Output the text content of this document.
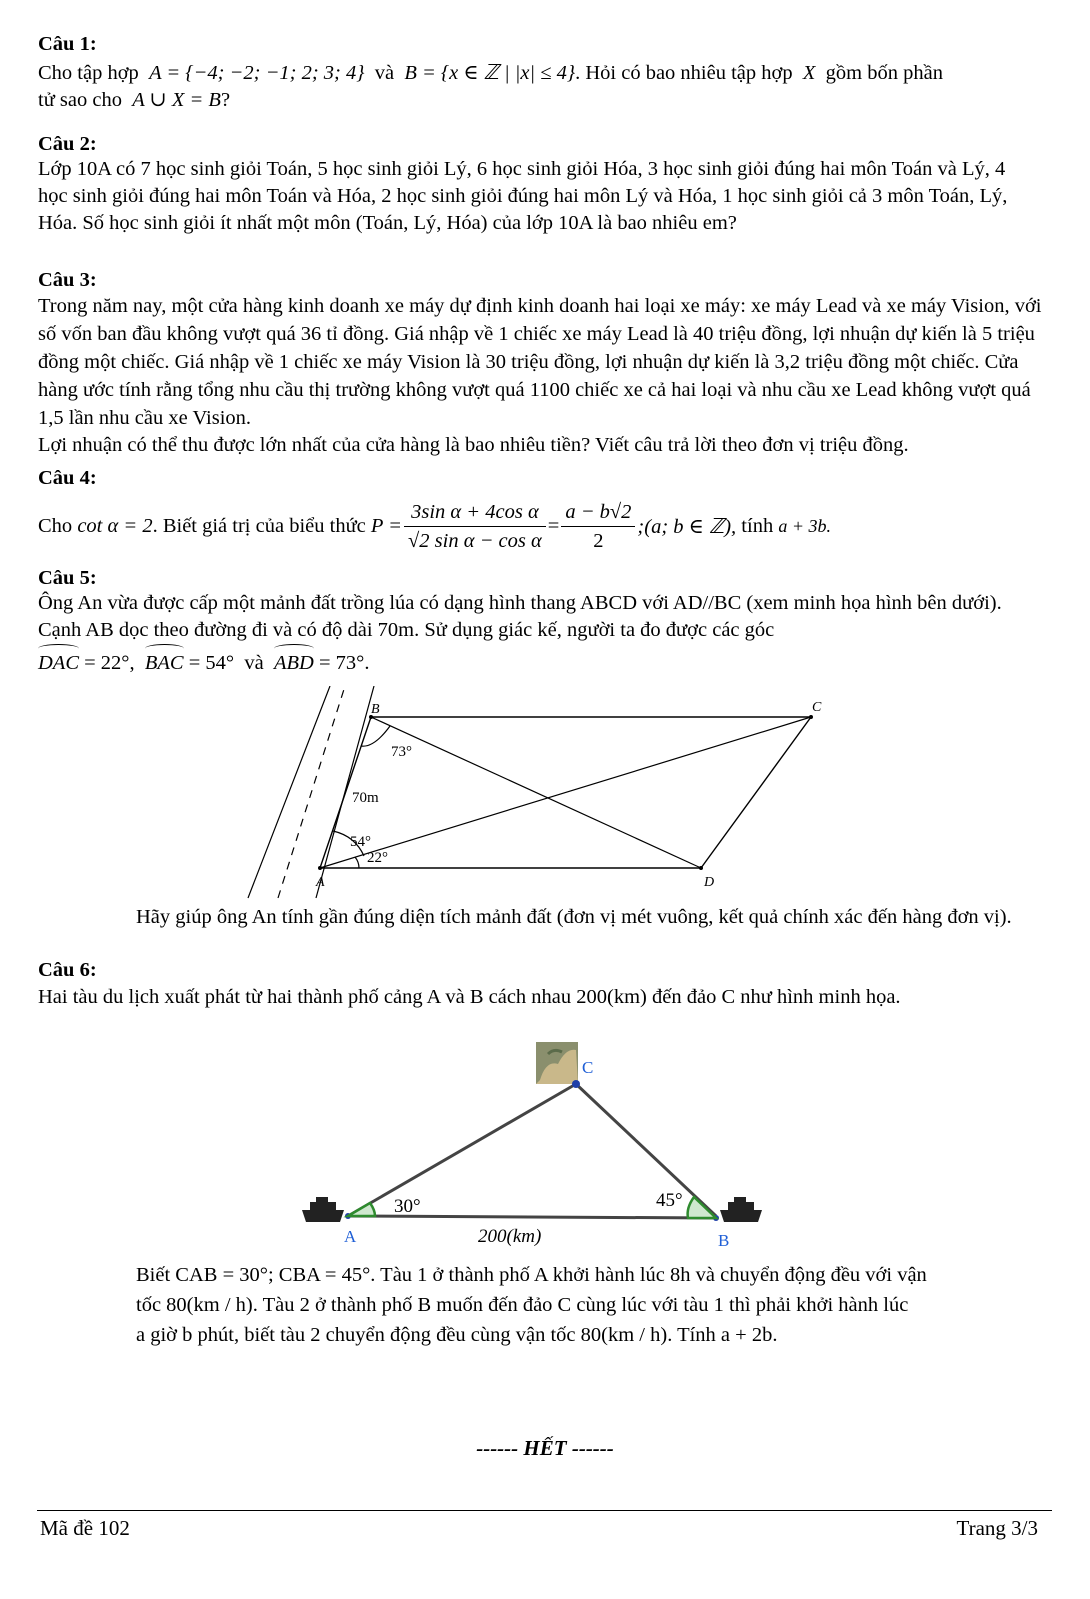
Câu 1:

Cho tập hợp A = {−4; −2; −1; 2; 3; 4} và B = {x ∈ ℤ | |x| ≤ 4}. Hỏi có bao nhiêu tập hợp X gồm bốn phần

tử sao cho A ∪ X = B?

Câu 2:

Lớp 10A có 7 học sinh giỏi Toán, 5 học sinh giỏi Lý, 6 học sinh giỏi Hóa, 3 học sinh giỏi đúng hai môn Toán và Lý, 4 học sinh giỏi đúng hai môn Toán và Hóa, 2 học sinh giỏi đúng hai môn Lý và Hóa, 1 học sinh giỏi cả 3 môn Toán, Lý, Hóa. Số học sinh giỏi ít nhất một môn (Toán, Lý, Hóa) của lớp 10A là bao nhiêu em?

Câu 3:

Trong năm nay, một cửa hàng kinh doanh xe máy dự định kinh doanh hai loại xe máy: xe máy Lead và xe máy Vision, với số vốn ban đầu không vượt quá 36 tỉ đồng. Giá nhập về 1 chiếc xe máy Lead là 40 triệu đồng, lợi nhuận dự kiến là 5 triệu đồng một chiếc. Giá nhập về 1 chiếc xe máy Vision là 30 triệu đồng, lợi nhuận dự kiến là 3,2 triệu đồng một chiếc. Cửa hàng ước tính rằng tổng nhu cầu thị trường không vượt quá 1100 chiếc xe cả hai loại và nhu cầu xe Lead không vượt quá 1,5 lần nhu cầu xe Vision.

Lợi nhuận có thể thu được lớn nhất của cửa hàng là bao nhiêu tiền? Viết câu trả lời theo đơn vị triệu đồng.

Câu 4:

Cho
cot α = 2 . Biết giá trị của biểu thức
$P = \frac{\text{3sin α + 4cos α}}{\text{√2 sin α − cos α}} = \frac{a - b√2}{2}$ ;(a; b ∈ ℤ),
tính
a + 3b.

Câu 5:

Ông An vừa được cấp một mảnh đất trồng lúa có dạng hình thang ABCD với AD//BC (xem minh họa hình bên dưới). Cạnh AB dọc theo đường đi và có độ dài 70m. Sử dụng giác kế, người ta đo được các góc

DAC = 22°, BAC = 54° và ABD = 73°.

Hãy giúp ông An tính gần đúng diện tích mảnh đất (đơn vị mét vuông, kết quả chính xác đến hàng đơn vị).

Câu 6:

Hai tàu du lịch xuất phát từ hai thành phố cảng A và B cách nhau 200(km) đến đảo C như hình minh họa.

Biết CAB = 30°; CBA = 45°. Tàu 1 ở thành phố A khởi hành lúc 8h và chuyển động đều với vận

tốc 80(km / h). Tàu 2 ở thành phố B muốn đến đảo C cùng lúc với tàu 1 thì phải khởi hành lúc

a giờ b phút, biết tàu 2 chuyển động đều cùng vận tốc 80(km / h). Tính a + 2b.

A
B	C
D
73°
70m
54°
22°
C
A	B
30°	45°
200(km)
------ HẾT ------
Mã đề 102	Trang 3/3
